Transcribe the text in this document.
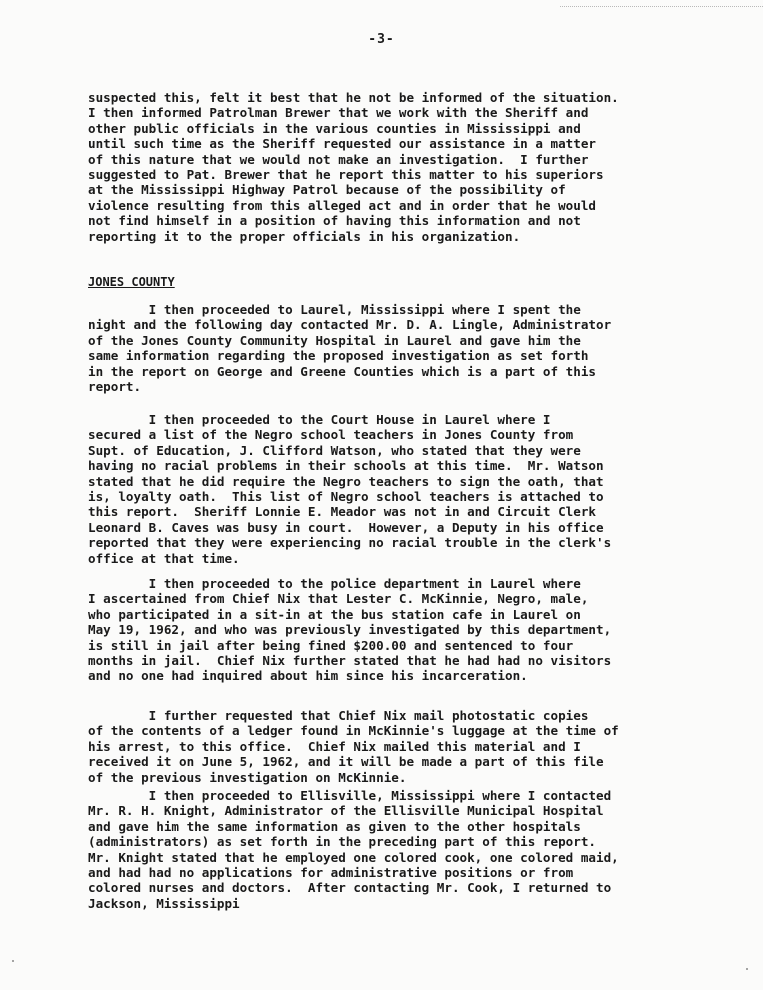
-3-
suspected this, felt it best that he not be informed of the situation.
I then informed Patrolman Brewer that we work with the Sheriff and
other public officials in the various counties in Mississippi and
until such time as the Sheriff requested our assistance in a matter
of this nature that we would not make an investigation.  I further
suggested to Pat. Brewer that he report this matter to his superiors
at the Mississippi Highway Patrol because of the possibility of
violence resulting from this alleged act and in order that he would
not find himself in a position of having this information and not
reporting it to the proper officials in his organization.
JONES COUNTY
I then proceeded to Laurel, Mississippi where I spent the
night and the following day contacted Mr. D. A. Lingle, Administrator
of the Jones County Community Hospital in Laurel and gave him the
same information regarding the proposed investigation as set forth
in the report on George and Greene Counties which is a part of this
report.
I then proceeded to the Court House in Laurel where I
secured a list of the Negro school teachers in Jones County from
Supt. of Education, J. Clifford Watson, who stated that they were
having no racial problems in their schools at this time.  Mr. Watson
stated that he did require the Negro teachers to sign the oath, that
is, loyalty oath.  This list of Negro school teachers is attached to
this report.  Sheriff Lonnie E. Meador was not in and Circuit Clerk
Leonard B. Caves was busy in court.  However, a Deputy in his office
reported that they were experiencing no racial trouble in the clerk's
office at that time.
I then proceeded to the police department in Laurel where
I ascertained from Chief Nix that Lester C. McKinnie, Negro, male,
who participated in a sit-in at the bus station cafe in Laurel on
May 19, 1962, and who was previously investigated by this department,
is still in jail after being fined $200.00 and sentenced to four
months in jail.  Chief Nix further stated that he had had no visitors
and no one had inquired about him since his incarceration.
I further requested that Chief Nix mail photostatic copies
of the contents of a ledger found in McKinnie's luggage at the time of
his arrest, to this office.  Chief Nix mailed this material and I
received it on June 5, 1962, and it will be made a part of this file
of the previous investigation on McKinnie.
I then proceeded to Ellisville, Mississippi where I contacted
Mr. R. H. Knight, Administrator of the Ellisville Municipal Hospital
and gave him the same information as given to the other hospitals
(administrators) as set forth in the preceding part of this report.
Mr. Knight stated that he employed one colored cook, one colored maid,
and had had no applications for administrative positions or from
colored nurses and doctors.  After contacting Mr. Cook, I returned to
Jackson, Mississippi
